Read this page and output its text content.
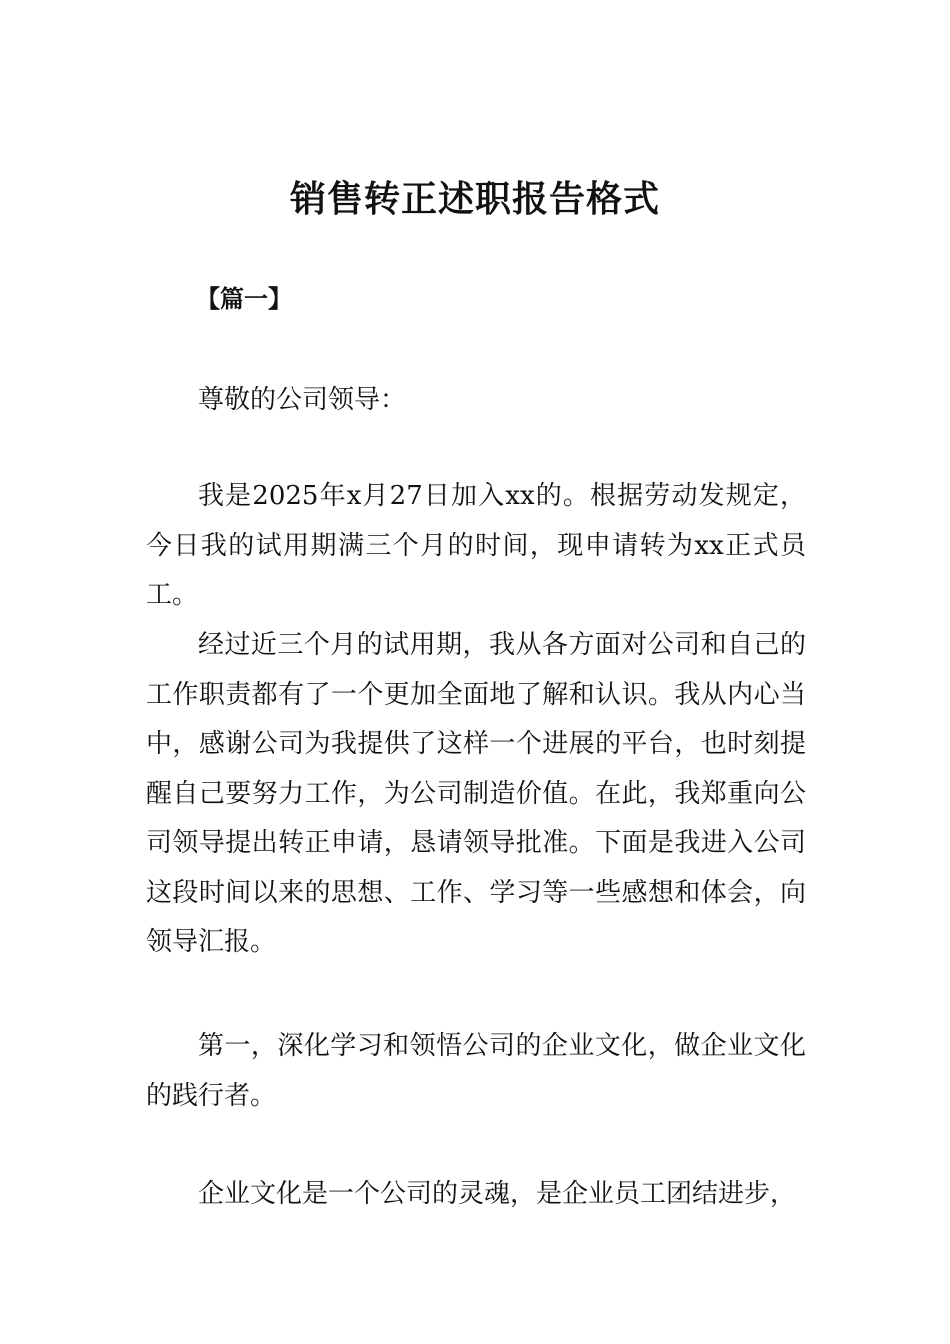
销售转正述职报告格式

【篇一】

尊敬的公司领导：

我是2025年x月27日加入xx的。根据劳动发规定，今日我的试用期满三个月的时间，现申请转为xx正式员工。

经过近三个月的试用期，我从各方面对公司和自己的工作职责都有了一个更加全面地了解和认识。我从内心当中，感谢公司为我提供了这样一个进展的平台，也时刻提醒自己要努力工作，为公司制造价值。在此，我郑重向公司领导提出转正申请，恳请领导批准。下面是我进入公司这段时间以来的思想、工作、学习等一些感想和体会，向领导汇报。

第一，深化学习和领悟公司的企业文化，做企业文化的践行者。

企业文化是一个公司的灵魂，是企业员工团结进步，
